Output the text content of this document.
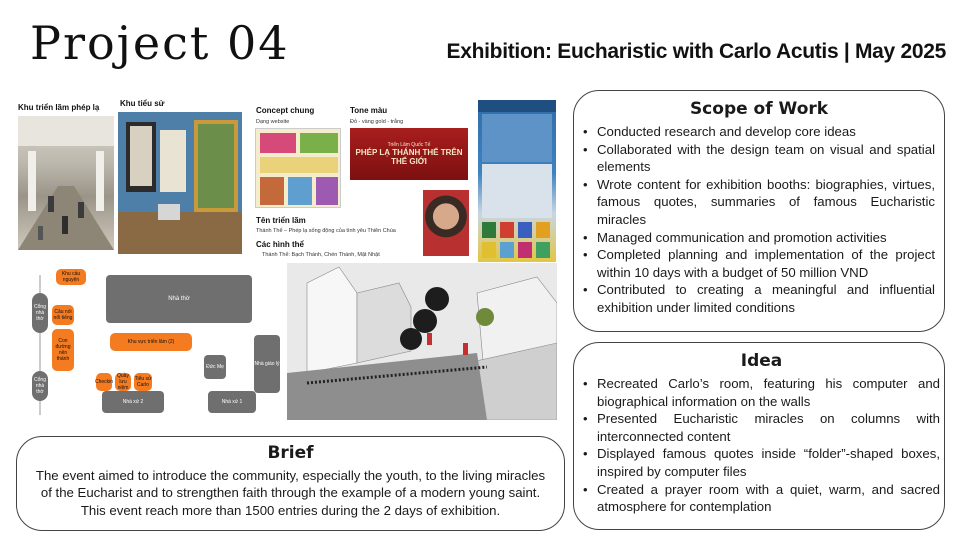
Project 04	Exhibition: Eucharistic with Carlo Acutis | May 2025
Khu triển lãm phép lạ	Khu tiểu sử
Concept chung
Dạng website
Tone màu
Đỏ - vàng gold - trắng
Triển Lãm Quốc Tế
PHÉP LẠ THÁNH THỂ TRÊN THẾ GIỚI
Tên triển lãm
Thánh Thể – Phép lạ sống động của tình yêu Thiên Chúa
Các hình thể
Thánh Thể: Bạch Thánh, Chén Thánh, Mặt Nhật
Khu cầu nguyện
Nhà thờ
Cổng nhà thờ
Câu nói nổi tiếng
Con đường nên thánh
Khu vực triển lãm (2)
Cổng nhà thờ
Checkin
Quầy lưu niệm
Tiểu sử Carlo
Đức Mẹ	Nhà giáo lý
Nhà xứ 2	Nhà xứ 1
Scope of Work
• Conducted research and develop core ideas
• Collaborated with the design team on visual and spatial elements
• Wrote content for exhibition booths: biographies, virtues, famous quotes, summaries of famous Eucharistic miracles
• Managed communication and promotion activities
• Completed planning and implementation of the project within 10 days with a budget of 50 million VND
• Contributed to creating a meaningful and influential exhibition under limited conditions
Idea
• Recreated Carlo’s room, featuring his computer and biographical information on the walls
• Presented Eucharistic miracles on columns with interconnected content
• Displayed famous quotes inside “folder”-shaped boxes, inspired by computer files
• Created a prayer room with a quiet, warm, and sacred atmosphere for contemplation
Brief

The event aimed to introduce the community, especially the youth, to the living miracles of the Eucharist and to strengthen faith through the example of a modern young saint. This event reach more than 1500 entries during the 2 days of exhibition.
